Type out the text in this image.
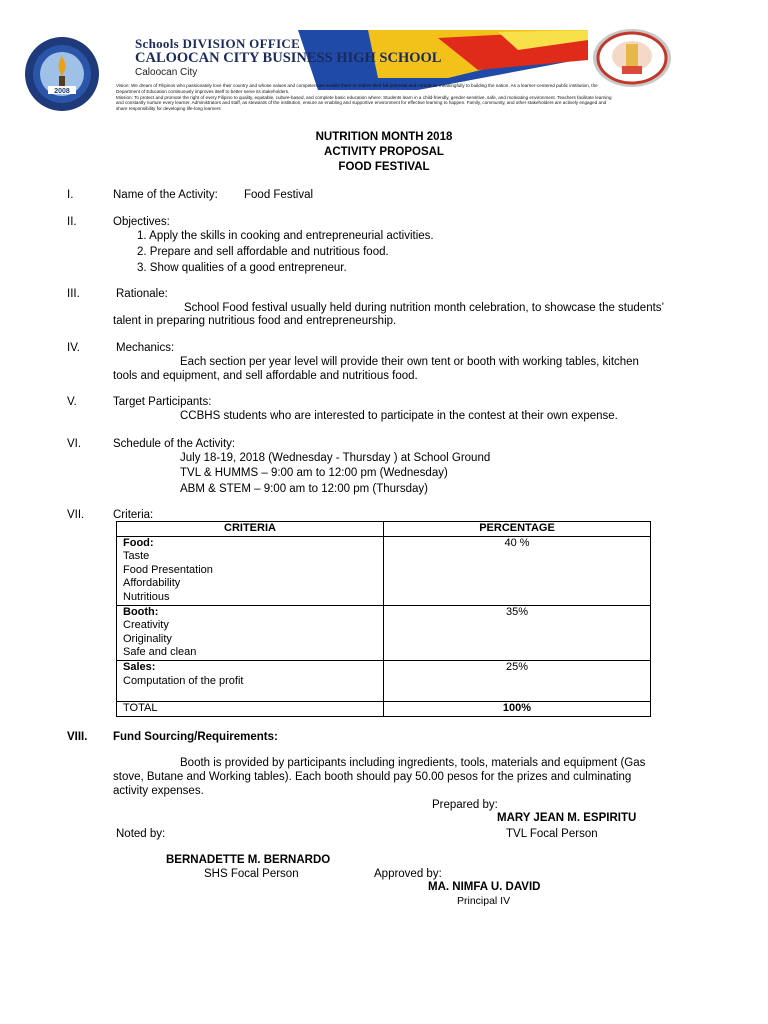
2008
Schools DIVISION OFFICE
CALOOCAN CITY BUSINESS HIGH SCHOOL
Caloocan City
Vision: We dream of Filipinos who passionately love their country and whose values and competencies enable them to realize their full potential and contribute meaningfully to building the nation. As a learner-centered public institution, the Department of Education continuously improves itself to better serve its stakeholders.
Mission: To protect and promote the right of every Filipino to quality, equitable, culture-based, and complete basic education where: Students learn in a child-friendly, gender-sensitive, safe, and motivating environment. Teachers facilitate learning and constantly nurture every learner. Administrators and staff, as stewards of the institution, ensure an enabling and supportive environment for effective learning to happen. Family, community, and other stakeholders are actively engaged and share responsibility for developing life-long learners
NUTRITION MONTH 2018
ACTIVITY PROPOSAL
FOOD FESTIVAL
I.	Name of the Activity: Food Festival
II.	Objectives:
1. Apply the skills in cooking and entrepreneurial activities.
2. Prepare and sell affordable and nutritious food.
3. Show qualities of a good entrepreneur.
III.	Rationale:
School Food festival usually held during nutrition month celebration, to showcase the students’
talent in preparing nutritious food and entrepreneurship.
IV.	Mechanics:
Each section per year level will provide their own tent or booth with working tables, kitchen
tools and equipment, and sell affordable and nutritious food.
V.	Target Participants:
CCBHS students who are interested to participate in the contest at their own expense.
VI.	Schedule of the Activity:
July 18-19, 2018 (Wednesday - Thursday ) at School Ground
TVL & HUMMS – 9:00 am to 12:00 pm (Wednesday)
ABM & STEM – 9:00 am to 12:00 pm (Thursday)
VII. Criteria:
CRITERIA	PERCENTAGE

Food:
Taste
Food Presentation
Affordability
Nutritious	40 %

Booth:
Creativity
Originality
Safe and clean	35%

Sales:
Computation of the profit	25%
TOTAL	100%
VIII. Fund Sourcing/Requirements:
Booth is provided by participants including ingredients, tools, materials and equipment (Gas
stove, Butane and Working tables). Each booth should pay 50.00 pesos for the prizes and culminating
activity expenses.
Prepared by:
MARY JEAN M. ESPIRITU
TVL Focal Person
Noted by:
BERNADETTE M. BERNARDO
SHS Focal Person	Approved by:
MA. NIMFA U. DAVID
Principal IV
